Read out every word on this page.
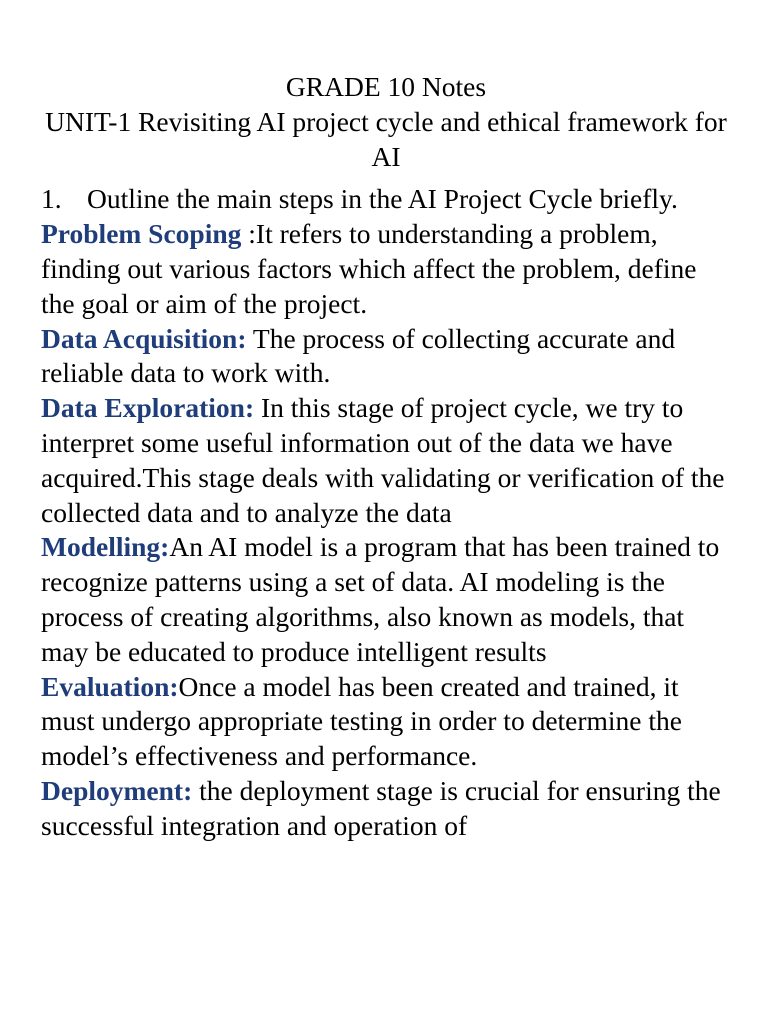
GRADE 10 Notes
UNIT-1 Revisiting AI project cycle and ethical framework for AI
1. Outline the main steps in the AI Project Cycle briefly.
Problem Scoping :It refers to understanding a problem, finding out various factors which affect the problem, define the goal or aim of the project.
Data Acquisition: The process of collecting accurate and reliable data to work with.
Data Exploration: In this stage of project cycle, we try to interpret some useful information out of the data we have acquired.This stage deals with validating or verification of the collected data and to analyze the data
Modelling:An AI model is a program that has been trained to recognize patterns using a set of data. AI modeling is the process of creating algorithms, also known as models, that may be educated to produce intelligent results
Evaluation:Once a model has been created and trained, it must undergo appropriate testing in order to determine the model’s effectiveness and performance.
Deployment: the deployment stage is crucial for ensuring the successful integration and operation of
